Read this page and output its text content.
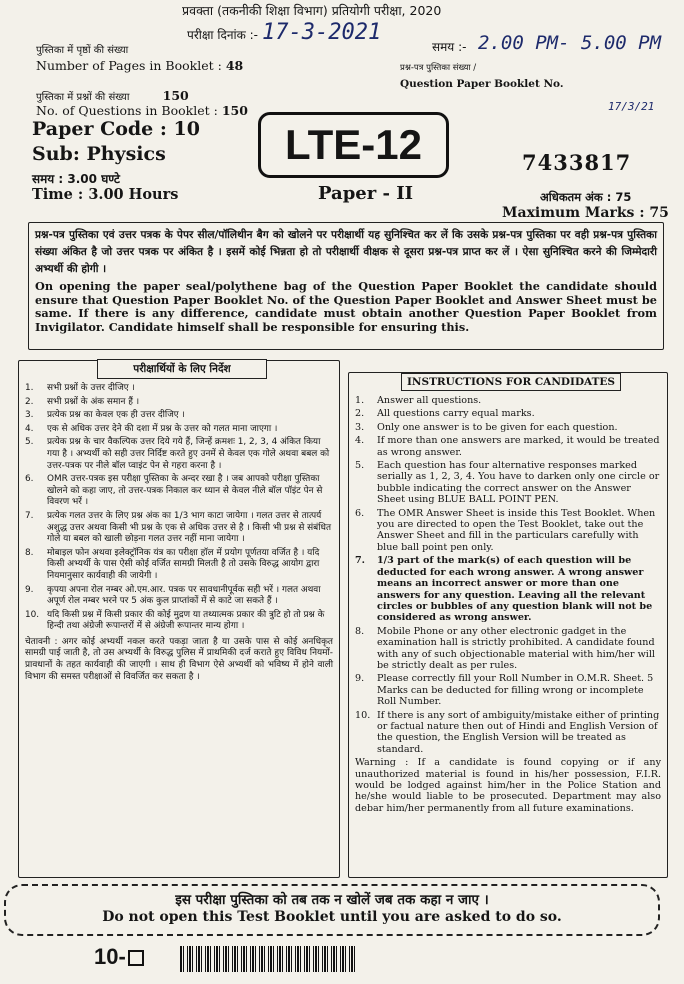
प्रवक्ता (तकनीकी शिक्षा विभाग) प्रतियोगी परीक्षा, 2020
परीक्षा दिनांक :- 17-3-2021
समय :- 2.00 PM- 5.00 PM
प्रश्न-पत्र पुस्तिका संख्या /
Question Paper Booklet No.
17/3/21
पुस्तिका में पृष्ठों की संख्या
Number of Pages in Booklet : 48
पुस्तिका में प्रश्नों की संख्या	150
No. of Questions in Booklet : 150
Paper Code : 10
Sub: Physics
समय : 3.00 घण्टे
Time : 3.00 Hours
LTE-12
Paper - II
7433817
अधिकतम अंक : 75
Maximum Marks : 75
प्रश्न-पत्र पुस्तिका एवं उत्तर पत्रक के पेपर सील/पॉलिथीन बैग को खोलने पर परीक्षार्थी यह सुनिश्चित कर लें कि उसके प्रश्न-पत्र पुस्तिका पर वही प्रश्न-पत्र पुस्तिका संख्या अंकित है जो उत्तर पत्रक पर अंकित है । इसमें कोई भिन्नता हो तो परीक्षार्थी वीक्षक से दूसरा प्रश्न-पत्र प्राप्त कर लें । ऐसा सुनिश्चित करने की जिम्मेदारी अभ्यर्थी की होगी ।
On opening the paper seal/polythene bag of the Question Paper Booklet the candidate should ensure that Question Paper Booklet No. of the Question Paper Booklet and Answer Sheet must be same. If there is any difference, candidate must obtain another Question Paper Booklet from Invigilator. Candidate himself shall be responsible for ensuring this.
परीक्षार्थियों के लिए निर्देश
1. सभी प्रश्नों के उत्तर दीजिए ।
2. सभी प्रश्नों के अंक समान हैं ।
3. प्रत्येक प्रश्न का केवल एक ही उत्तर दीजिए ।
4. एक से अधिक उत्तर देने की दशा में प्रश्न के उत्तर को गलत माना जाएगा ।
5. प्रत्येक प्रश्न के चार वैकल्पिक उत्तर दिये गये हैं, जिन्हें क्रमशः 1, 2, 3, 4 अंकित किया गया है । अभ्यर्थी को सही उत्तर निर्दिष्ट करते हुए उनमें से केवल एक गोले अथवा बबल को उत्तर-पत्रक पर नीले बॉल प्वाइंट पेन से गहरा करना है ।
6. OMR उत्तर-पत्रक इस परीक्षा पुस्तिका के अन्दर रखा है । जब आपको परीक्षा पुस्तिका खोलने को कहा जाए, तो उत्तर-पत्रक निकाल कर ध्यान से केवल नीले बॉल पॉइंट पेन से विवरण भरें ।
7. प्रत्येक गलत उत्तर के लिए प्रश्न अंक का 1/3 भाग काटा जायेगा । गलत उत्तर से तात्पर्य अशुद्ध उत्तर अथवा किसी भी प्रश्न के एक से अधिक उत्तर से है । किसी भी प्रश्न से संबंधित गोले या बबल को खाली छोड़ना गलत उत्तर नहीं माना जायेगा ।
8. मोबाइल फोन अथवा इलेक्ट्रॉनिक यंत्र का परीक्षा हॉल में प्रयोग पूर्णतया वर्जित है । यदि किसी अभ्यर्थी के पास ऐसी कोई वर्जित सामग्री मिलती है तो उसके विरुद्ध आयोग द्वारा नियमानुसार कार्यवाही की जायेगी ।
9. कृपया अपना रोल नम्बर ओ.एम.आर. पत्रक पर सावधानीपूर्वक सही भरें । गलत अथवा अपूर्ण रोल नम्बर भरने पर 5 अंक कुल प्राप्तांकों में से काटे जा सकते हैं ।
10. यदि किसी प्रश्न में किसी प्रकार की कोई मुद्रण या तथ्यात्मक प्रकार की त्रुटि हो तो प्रश्न के हिन्दी तथा अंग्रेजी रूपान्तरों में से अंग्रेजी रूपान्तर मान्य होगा ।
चेतावनी : अगर कोई अभ्यर्थी नकल करते पकड़ा जाता है या उसके पास से कोई अनधिकृत सामग्री पाई जाती है, तो उस अभ्यर्थी के विरुद्ध पुलिस में प्राथमिकी दर्ज कराते हुए विविध नियमों-प्रावधानों के तहत कार्यवाही की जाएगी । साथ ही विभाग ऐसे अभ्यर्थी को भविष्य में होने वाली विभाग की समस्त परीक्षाओं से विवर्जित कर सकता है ।
INSTRUCTIONS FOR CANDIDATES
1. Answer all questions.
2. All questions carry equal marks.
3. Only one answer is to be given for each question.
4. If more than one answers are marked, it would be treated as wrong answer.
5. Each question has four alternative responses marked serially as 1, 2, 3, 4. You have to darken only one circle or bubble indicating the correct answer on the Answer Sheet using BLUE BALL POINT PEN.
6. The OMR Answer Sheet is inside this Test Booklet. When you are directed to open the Test Booklet, take out the Answer Sheet and fill in the particulars carefully with blue ball point pen only.
7. 1/3 part of the mark(s) of each question will be deducted for each wrong answer. A wrong answer means an incorrect answer or more than one answers for any question. Leaving all the relevant circles or bubbles of any question blank will not be considered as wrong answer.
8. Mobile Phone or any other electronic gadget in the examination hall is strictly prohibited. A candidate found with any of such objectionable material with him/her will be strictly dealt as per rules.
9. Please correctly fill your Roll Number in O.M.R. Sheet. 5 Marks can be deducted for filling wrong or incomplete Roll Number.
10. If there is any sort of ambiguity/mistake either of printing or factual nature then out of Hindi and English Version of the question, the English Version will be treated as standard.
Warning : If a candidate is found copying or if any unauthorized material is found in his/her possession, F.I.R. would be lodged against him/her in the Police Station and he/she would liable to be prosecuted. Department may also debar him/her permanently from all future examinations.
इस परीक्षा पुस्तिका को तब तक न खोलें जब तक कहा न जाए ।
Do not open this Test Booklet until you are asked to do so.
10-
